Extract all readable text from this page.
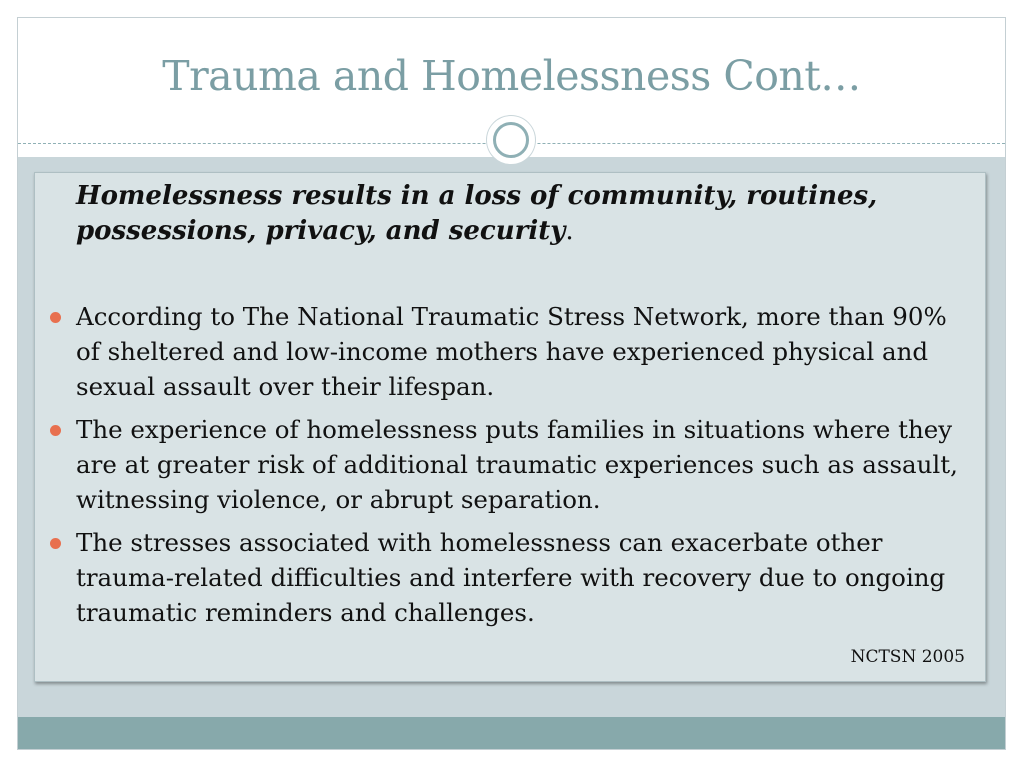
Trauma and Homelessness Cont…
Homelessness results in a loss of community, routines, possessions, privacy, and security.
According to The National Traumatic Stress Network, more than 90% of sheltered and low-income mothers have experienced physical and sexual assault over their lifespan.
The experience of homelessness puts families in situations where they are at greater risk of additional traumatic experiences such as assault, witnessing violence, or abrupt separation.
The stresses associated with homelessness can exacerbate other trauma-related difficulties and interfere with recovery due to ongoing traumatic reminders and challenges.
NCTSN 2005
